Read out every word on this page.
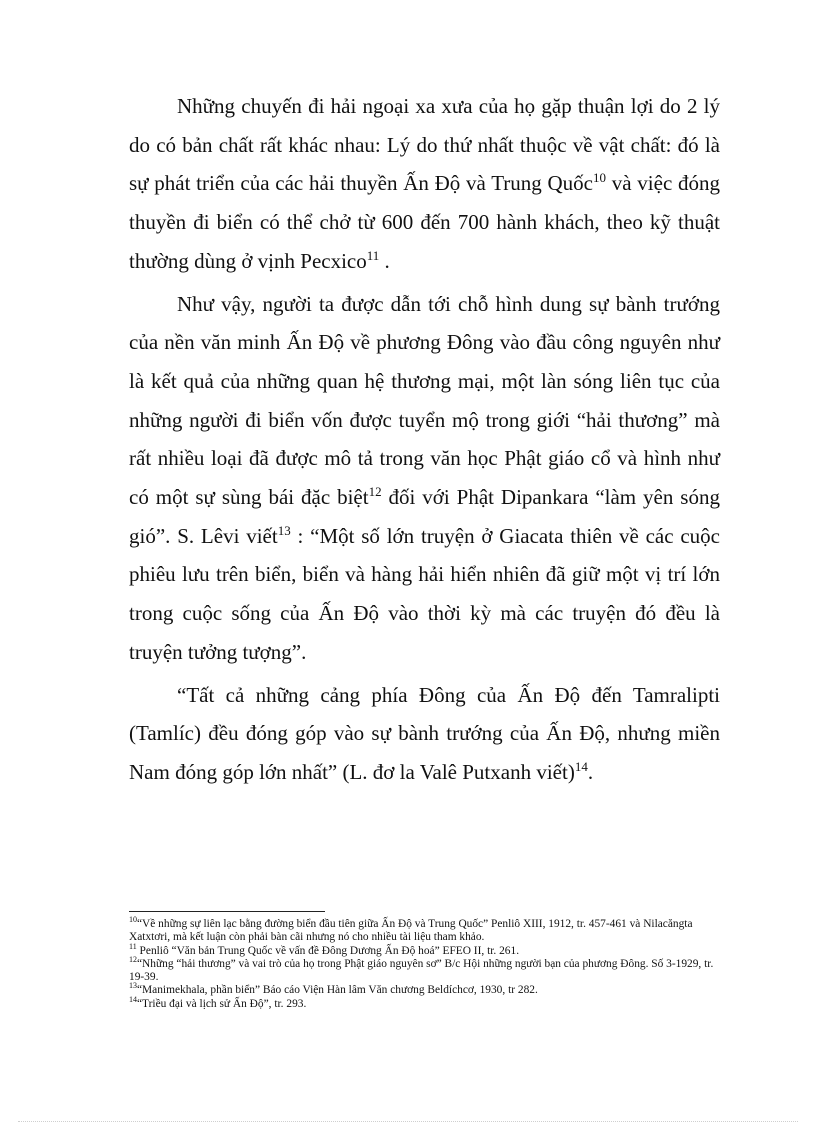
Những chuyến đi hải ngoại xa xưa của họ gặp thuận lợi do 2 lý do có bản chất rất khác nhau: Lý do thứ nhất thuộc về vật chất: đó là sự phát triển của các hải thuyền Ấn Độ và Trung Quốc$^{10}$ và việc đóng thuyền đi biển có thể chở từ 600 đến 700 hành khách, theo kỹ thuật thường dùng ở vịnh Pecxico$^{11}$ .

Như vậy, người ta được dẫn tới chỗ hình dung sự bành trướng của nền văn minh Ấn Độ về phương Đông vào đầu công nguyên như là kết quả của những quan hệ thương mại, một làn sóng liên tục của những người đi biển vốn được tuyển mộ trong giới “hải thương” mà rất nhiều loại đã được mô tả trong văn học Phật giáo cổ và hình như có một sự sùng bái đặc biệt$^{12}$ đối với Phật Dipankara “làm yên sóng gió”. S. Lêvi viết$^{13}$ : “Một số lớn truyện ở Giacata thiên về các cuộc phiêu lưu trên biển, biển và hàng hải hiển nhiên đã giữ một vị trí lớn trong cuộc sống của Ấn Độ vào thời kỳ mà các truyện đó đều là truyện tưởng tượng”.

“Tất cả những cảng phía Đông của Ấn Độ đến Tamralipti (Tamlíc) đều đóng góp vào sự bành trướng của Ấn Độ, nhưng miền Nam đóng góp lớn nhất” (L. đơ la Valê Putxanh viết)$^{14}$.

$^{10}$“Về những sự liên lạc bằng đường biển đầu tiên giữa Ấn Độ và Trung Quốc” Penliô XIII, 1912, tr. 457-461 và Nilacăngta Xatxtơri, mà kết luận còn phải bàn cãi nhưng nó cho nhiều tài liệu tham khảo.

$^{11}$ Penliô “Văn bản Trung Quốc về vấn đề Đông Dương Ấn Độ hoá” EFEO II, tr. 261.

$^{12}$“Những “hải thương” và vai trò của họ trong Phật giáo nguyên sơ” B/c Hội những người bạn của phương Đông. Số 3-1929, tr. 19-39.

$^{13}$“Manimekhala, phần biển” Báo cáo Viện Hàn lâm Văn chương Beldíchcơ, 1930, tr 282.

$^{14}$“Triều đại và lịch sử Ấn Độ”, tr. 293.
